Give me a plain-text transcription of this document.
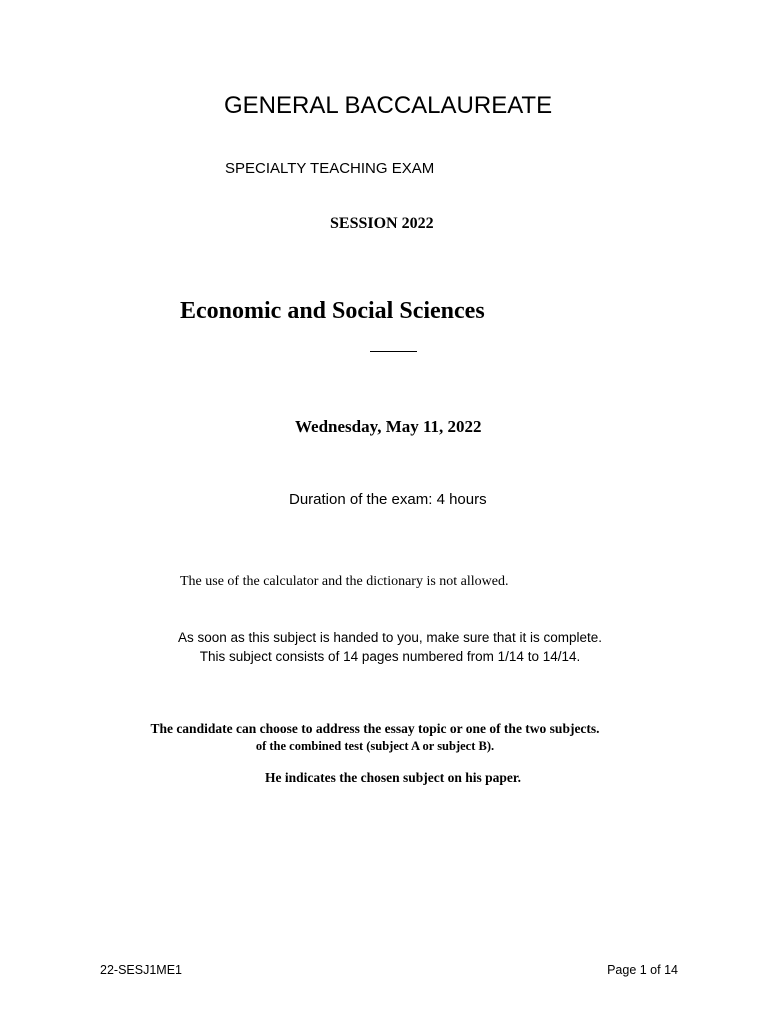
GENERAL BACCALAUREATE
SPECIALTY TEACHING EXAM
SESSION 2022
Economic and Social Sciences
Wednesday, May 11, 2022
Duration of the exam: 4 hours
The use of the calculator and the dictionary is not allowed.
As soon as this subject is handed to you, make sure that it is complete.
This subject consists of 14 pages numbered from 1/14 to 14/14.
The candidate can choose to address the essay topic or one of the two subjects.
of the combined test (subject A or subject B).
He indicates the chosen subject on his paper.
22-SESJ1ME1	Page 1 of 14
